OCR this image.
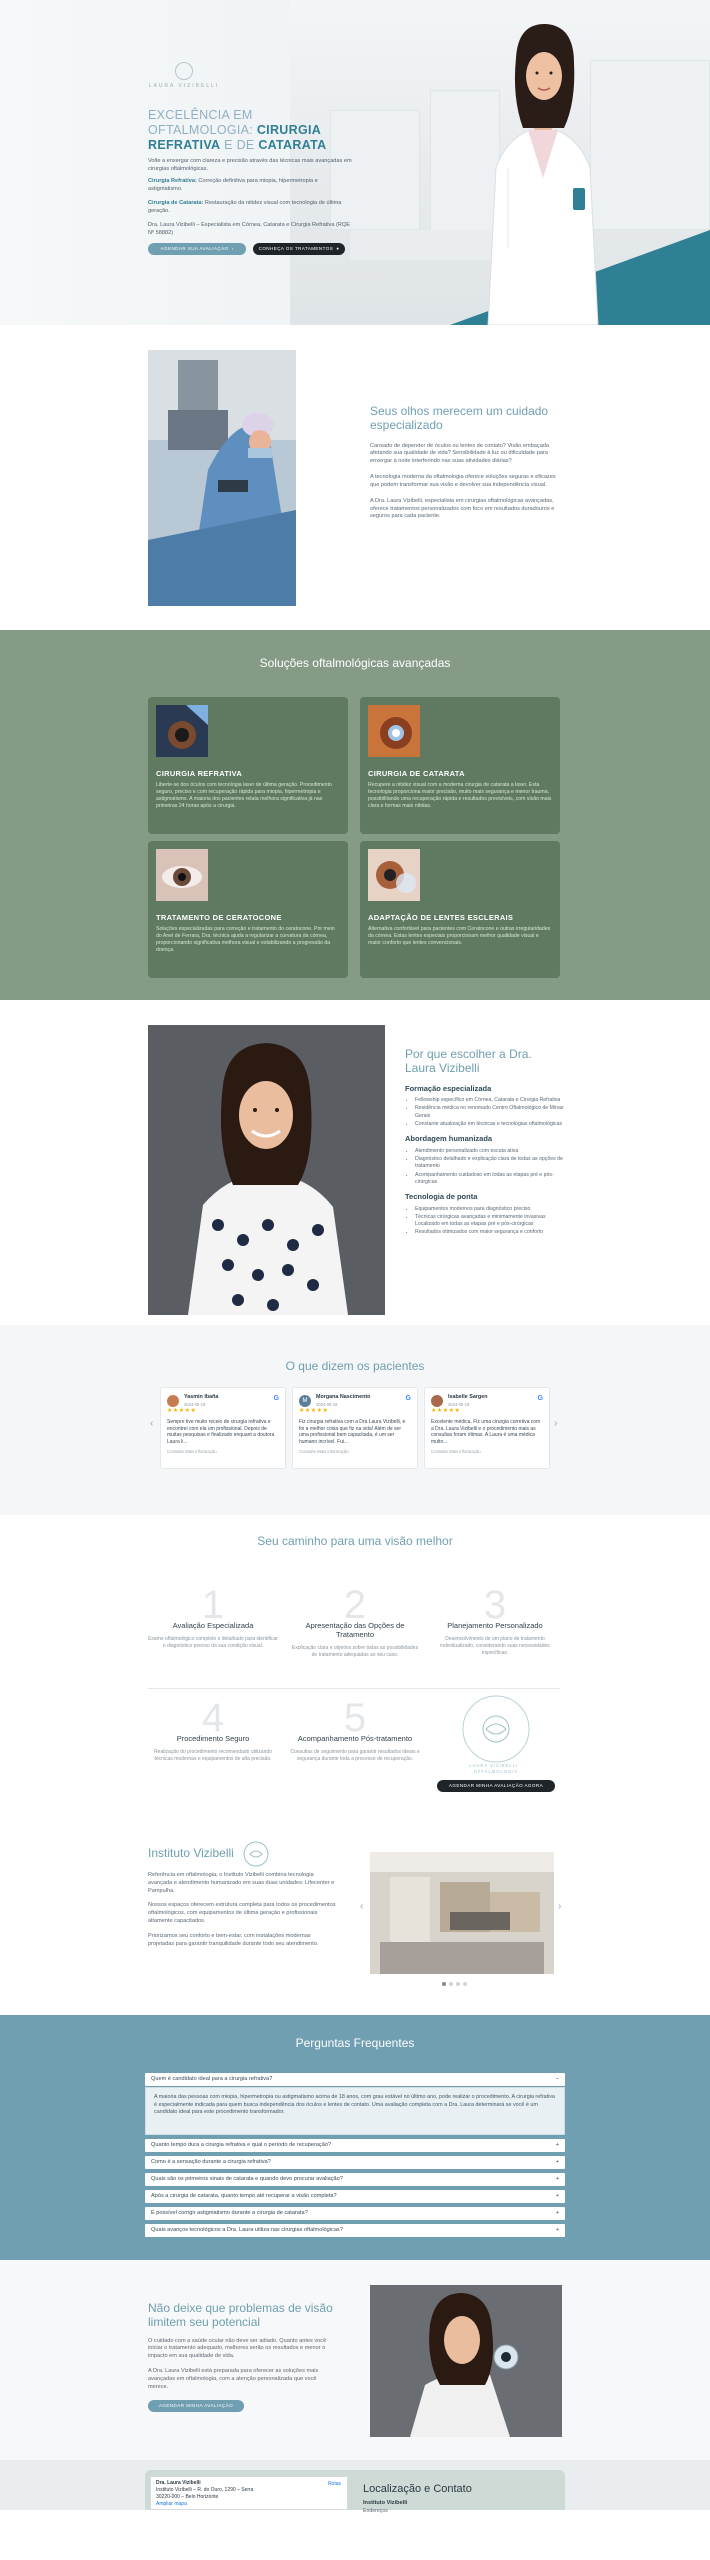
LAURA VIZIBELLI
EXCELÊNCIA EM
OFTALMOLOGIA: CIRURGIA
REFRATIVA E DE CATARATA

Volte a enxergar com clareza e precisão através das técnicas mais avançadas em cirurgias oftalmológicas.

Cirurgia Refrativa: Correção definitiva para miopia, hipermetropia e astigmatismo.

Cirurgia de Catarata: Restauração da nitidez visual com tecnologia de última geração.

Dra. Laura Vizibelli – Especialista em Córnea, Catarata e Cirurgia Refrativa (RQE Nº 58882)

AGENDAR SUA AVALIAÇÃO ›	CONHEÇA OS TRATAMENTOS ●
Seus olhos merecem um cuidado especializado

Cansado de depender de óculos ou lentes de contato? Visão embaçada afetando sua qualidade de vida? Sensibilidade à luz ou dificuldade para enxergar à noite interferindo nas suas atividades diárias?

A tecnologia moderna da oftalmologia oferece soluções seguras e eficazes que podem transformar sua visão e devolver sua independência visual.

A Dra. Laura Vizibelli, especialista em cirurgias oftalmológicas avançadas, oferece tratamentos personalizados com foco em resultados duradouros e seguros para cada paciente.

Soluções oftalmológicas avançadas
CIRURGIA REFRATIVA

Liberte-se dos óculos com tecnologia laser de última geração. Procedimento seguro, preciso e com recuperação rápida para miopia, hipermetropia e astigmatismo. A maioria dos pacientes relata melhora significativa já nas primeiras 24 horas após a cirurgia.

CIRURGIA DE CATARATA

Recupere a nitidez visual com a moderna cirurgia de catarata a laser. Esta tecnologia proporciona maior precisão, muito mais segurança e menor trauma, possibilitando uma recuperação rápida e resultados previsíveis, com visão mais clara e formas mais nítidas.

TRATAMENTO DE CERATOCONE

Soluções especializadas para correção e tratamento do ceratocone. Por meio do Anel de Ferrara, Dra. técnica ajuda a regularizar a curvatura da córnea, proporcionando significativa melhora visual e estabilizando a progressão da doença.

ADAPTAÇÃO DE LENTES ESCLERAIS

Alternativa confortável para pacientes com Ceratocone e outras irregularidades da córnea. Estas lentes especiais proporcionam melhor qualidade visual e maior conforto que lentes convencionais.

Por que escolher a Dra. Laura Vizibelli
Formação especializada
• Fellowship específico em Córnea, Catarata e Cirurgia Refrativa
• Residência médica no renomado Centro Oftalmológico de Minas Gerais
• Constante atualização em técnicas e tecnologias oftalmológicas
Abordagem humanizada
• Atendimento personalizado com escuta ativa
• Diagnóstico detalhado e explicação clara de todas as opções de tratamento
• Acompanhamento cuidadoso em todas as etapas pré e pós-cirúrgicas
Tecnologia de ponta
• Equipamentos modernos para diagnóstico preciso
• Técnicas cirúrgicas avançadas e minimamente invasivas Localizado em todas as etapas pré e pós-cirúrgicas
• Resultados otimizados com maior segurança e conforto
O que dizem os pacientes
‹	›
G

Yasmin Ibaña
2024-05-19
★★★★★
Sempre tive muito receio de cirurgia refrativa e encontrei com ela um profissional. Depois de muitas pesquisas e finalizado enquant a doutora Laura li...
Consulte Mais informação
G
M
Morgana Nascimento
2024-05-19
★★★★★
Fiz cirurgia refrativa com a Dra Laura Vizibelli, e foi a melhor coisa que fiz na vida! Além de ser uma profissional bem capacitada, é um ser humano incrível. Fui...
Consulte Mais informação
G

Isabelle Sargen
2024-05-19
★★★★★
Excelente médica. Fiz uma cirurgia corretiva com a Dra. Laura Vizibelli e o procedimento mais as consultas foram ótimas. A Laura é uma médica muito...
Consulte Mais informação
Seu caminho para uma visão melhor
1
Avaliação Especializada

Exame oftalmológico completo e detalhado para identificar o diagnóstico preciso da sua condição visual.

2
Apresentação das Opções de Tratamento

Explicação clara e objetiva sobre todas as possibilidades de tratamento adequadas ao seu caso.

3
Planejamento Personalizado

Desenvolvimento de um plano de tratamento individualizado, considerando suas necessidades específicas.

4
Procedimento Seguro

Realização do procedimento recomendado utilizando técnicas modernas e equipamentos de alta precisão.

5
Acompanhamento Pós-tratamento

Consultas de seguimento para garantir resultados ideais e segurança durante toda a processo de recuperação.

LAURA VIZIBELLI · OFTALMOLOGIA
AGENDAR MINHA AVALIAÇÃO AGORA
Instituto Vizibelli

Referência em oftalmologia, o Instituto Vizibelli combina tecnologia avançada e atendimento humanizado em suas duas unidades: Lifecenter e Pampulha.

Nossos espaços oferecem estrutura completa para todos os procedimentos oftalmológicos, com equipamentos de última geração e profissionais altamente capacitados.

Priorizamos seu conforto e bem-estar, com instalações modernas projetadas para garantir tranquilidade durante todo seu atendimento.

‹	›
Perguntas Frequentes
Quem é candidato ideal para a cirurgia refrativa?	−
A maioria das pessoas com miopia, hipermetropia ou astigmatismo acima de 18 anos, com grau estável no último ano, pode realizar o procedimento. A cirurgia refrativa é especialmente indicada para quem busca independência dos óculos e lentes de contato. Uma avaliação completa com a Dra. Laura determinará se você é um candidato ideal para este procedimento transformador.
Quanto tempo dura a cirurgia refrativa e qual o período de recuperação?	+
Como é a sensação durante a cirurgia refrativa?	+
Quais são os primeiros sinais de catarata e quando devo procurar avaliação?	+
Após a cirurgia de catarata, quanto tempo até recuperar a visão completa?	+
É possível corrigir astigmatismo durante a cirurgia de catarata?	+
Quais avanços tecnológicos a Dra. Laura utiliza nas cirurgias oftalmológicas?	+
Não deixe que problemas de visão limitem seu potencial

O cuidado com a saúde ocular não deve ser adiado. Quanto antes você iniciar o tratamento adequado, melhores serão os resultados e menor o impacto em sua qualidade de vida.

A Dra. Laura Vizibelli está preparada para oferecer as soluções mais avançadas em oftalmologia, com a atenção personalizada que você merece.

AGENDAR MINHA AVALIAÇÃO
Dra. Laura Vizibelli
Instituto Vizibelli – R. do Ouro, 1290 – Serra
30220-000 – Belo Horizonte
Ampliar mapa
Rotas Localização e Contato
Instituto Vizibelli
Endereços
